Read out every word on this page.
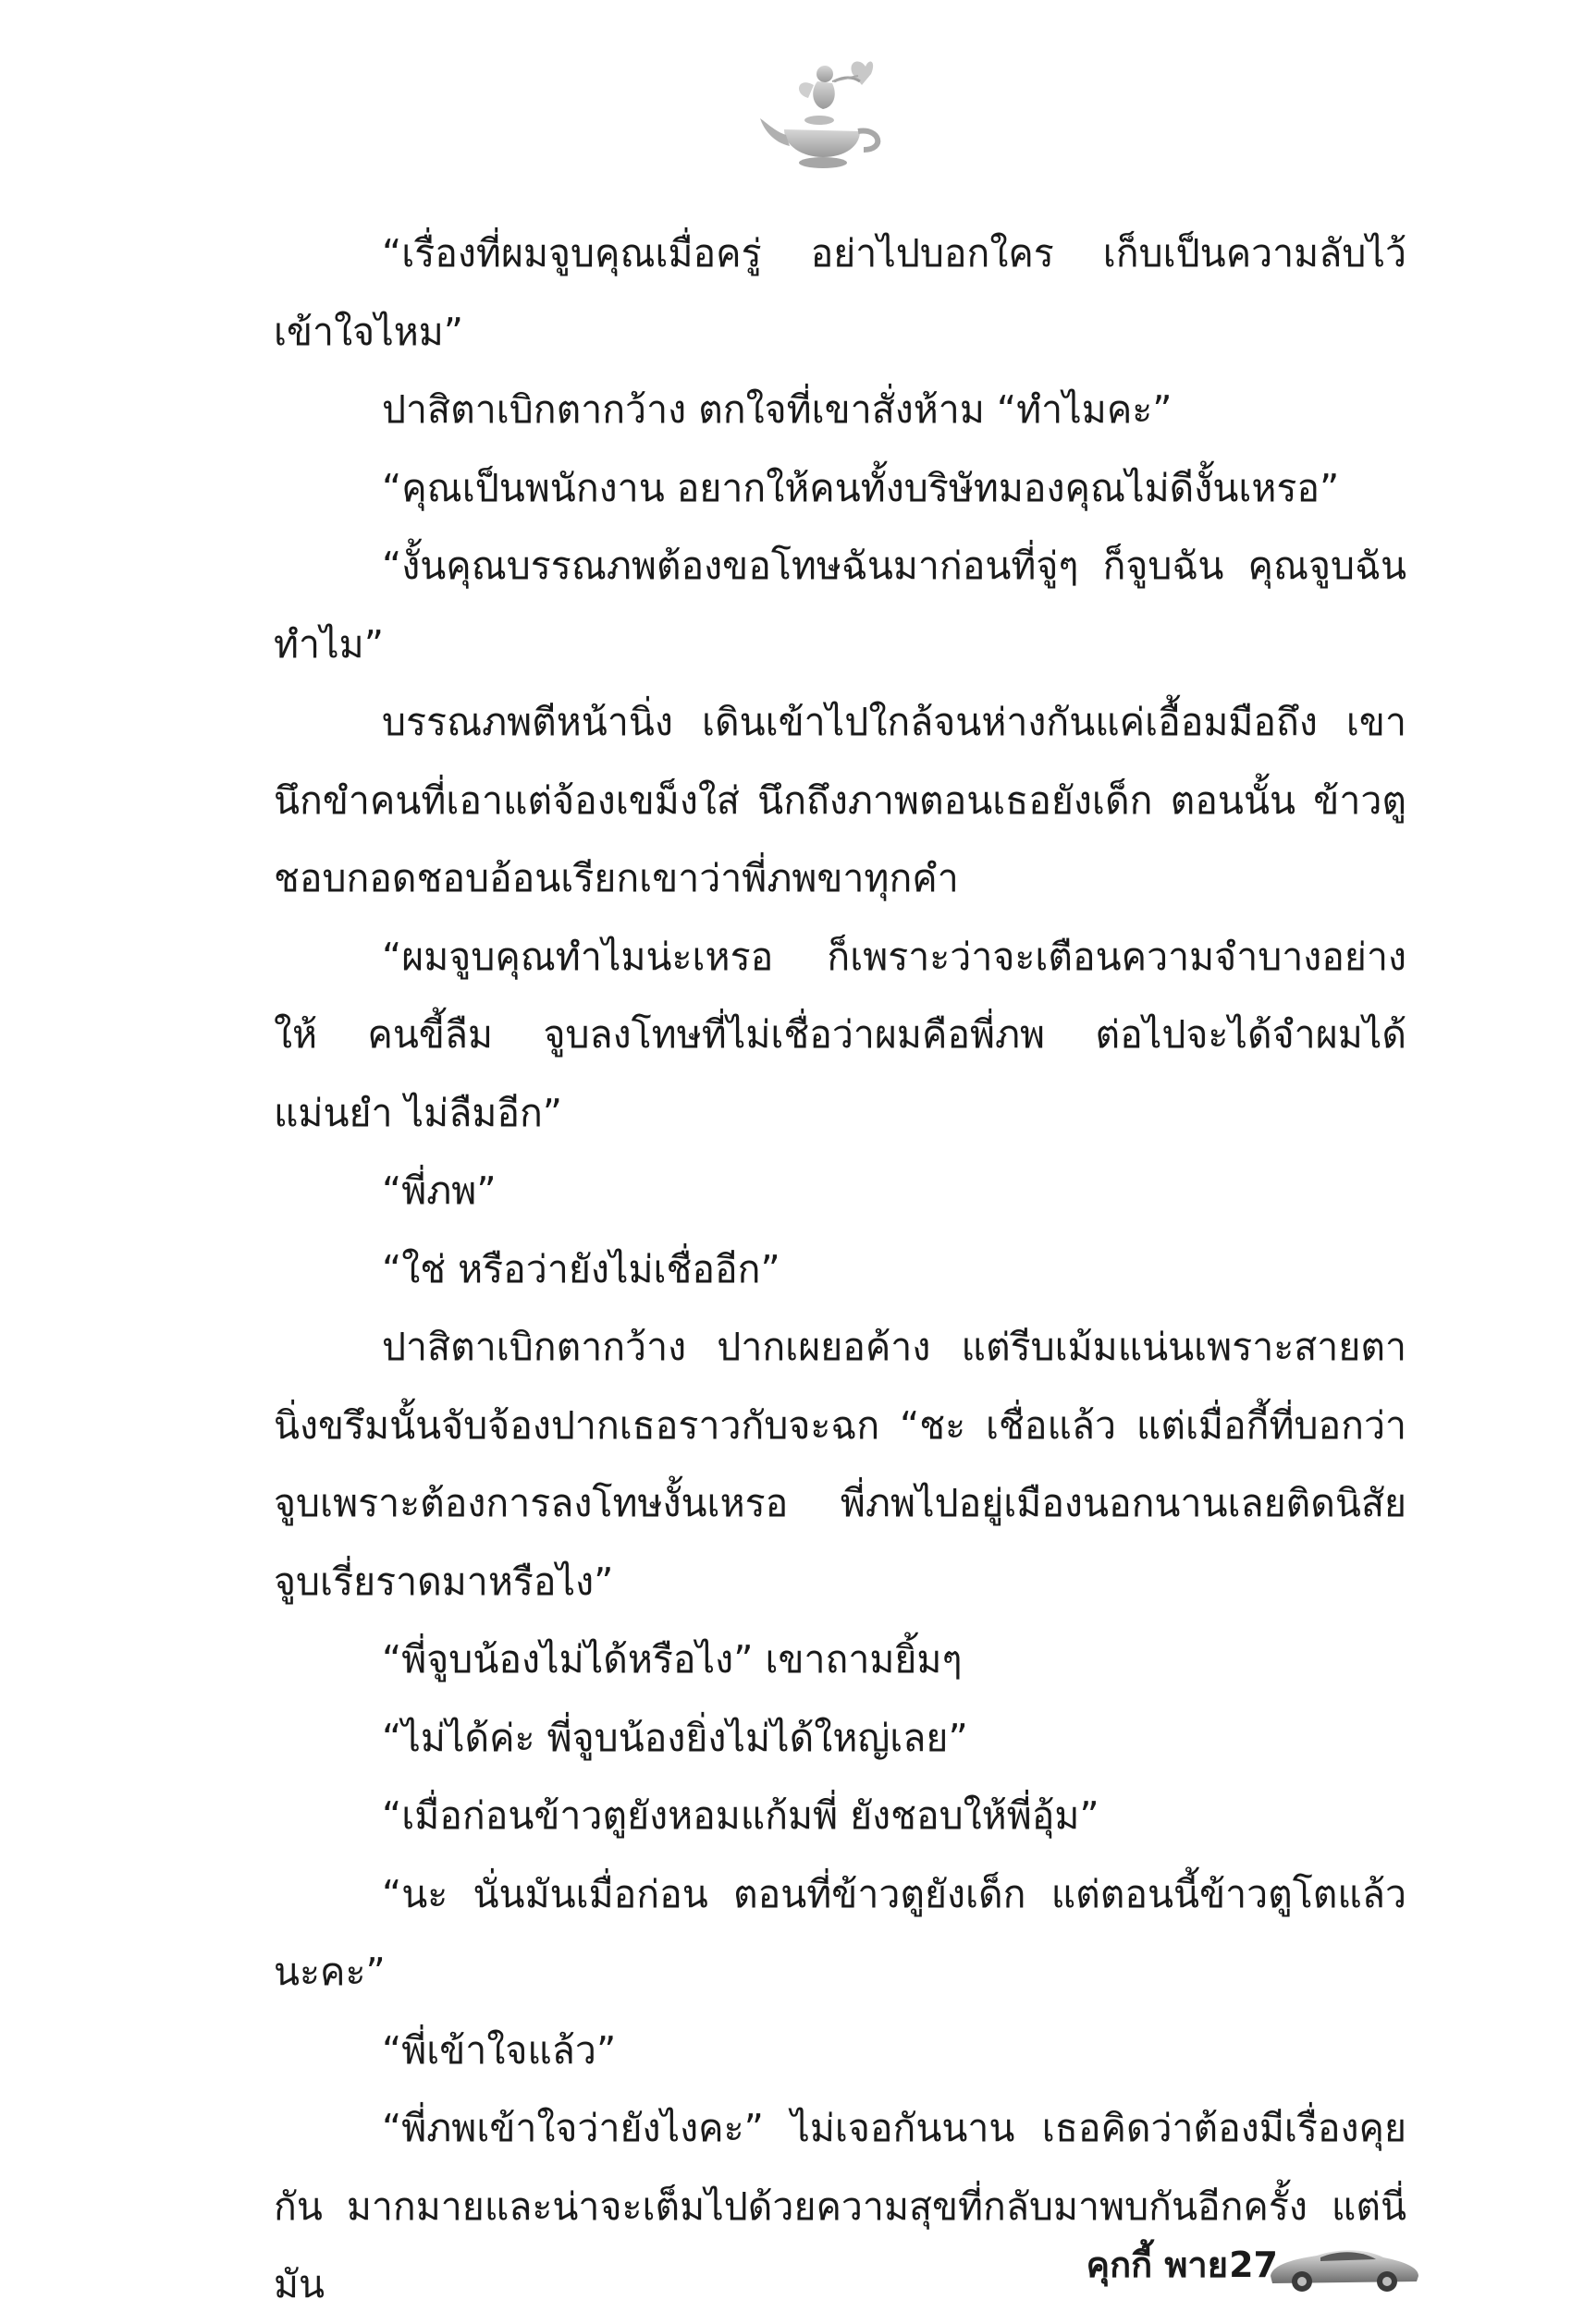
“เรื่องที่ผมจูบคุณเมื่อครู่ อย่าไปบอกใคร เก็บเป็นความลับไว้ เข้าใจไหม”

ปาสิตาเบิกตากว้าง ตกใจที่เขาสั่งห้าม “ทำไมคะ”

“คุณเป็นพนักงาน อยากให้คนทั้งบริษัทมองคุณไม่ดีงั้นเหรอ”

“งั้นคุณบรรณภพต้องขอโทษฉันมาก่อนที่จู่ๆ ก็จูบฉัน คุณจูบฉัน ทำไม”

บรรณภพตีหน้านิ่ง เดินเข้าไปใกล้จนห่างกันแค่เอื้อมมือถึง เขานึกขำคนที่เอาแต่จ้องเขม็งใส่ นึกถึงภาพตอนเธอยังเด็ก ตอนนั้น ข้าวตูชอบกอดชอบอ้อนเรียกเขาว่าพี่ภพขาทุกคำ

“ผมจูบคุณทำไมน่ะเหรอ ก็เพราะว่าจะเตือนความจำบางอย่างให้ คนขี้ลืม จูบลงโทษที่ไม่เชื่อว่าผมคือพี่ภพ ต่อไปจะได้จำผมได้แม่นยำ ไม่ลืมอีก”

“พี่ภพ”

“ใช่ หรือว่ายังไม่เชื่ออีก”

ปาสิตาเบิกตากว้าง ปากเผยอค้าง แต่รีบเม้มแน่นเพราะสายตา นิ่งขรึมนั้นจับจ้องปากเธอราวกับจะฉก “ชะ เชื่อแล้ว แต่เมื่อกี้ที่บอกว่า จูบเพราะต้องการลงโทษงั้นเหรอ พี่ภพไปอยู่เมืองนอกนานเลยติดนิสัย จูบเรี่ยราดมาหรือไง”

“พี่จูบน้องไม่ได้หรือไง” เขาถามยิ้มๆ

“ไม่ได้ค่ะ พี่จูบน้องยิ่งไม่ได้ใหญ่เลย”

“เมื่อก่อนข้าวตูยังหอมแก้มพี่ ยังชอบให้พี่อุ้ม”

“นะ นั่นมันเมื่อก่อน ตอนที่ข้าวตูยังเด็ก แต่ตอนนี้ข้าวตูโตแล้ว นะคะ”

“พี่เข้าใจแล้ว”

“พี่ภพเข้าใจว่ายังไงคะ” ไม่เจอกันนาน เธอคิดว่าต้องมีเรื่องคุยกัน มากมายและน่าจะเต็มไปด้วยความสุขที่กลับมาพบกันอีกครั้ง แต่นี่มัน	คุกกี้ พาย 27
